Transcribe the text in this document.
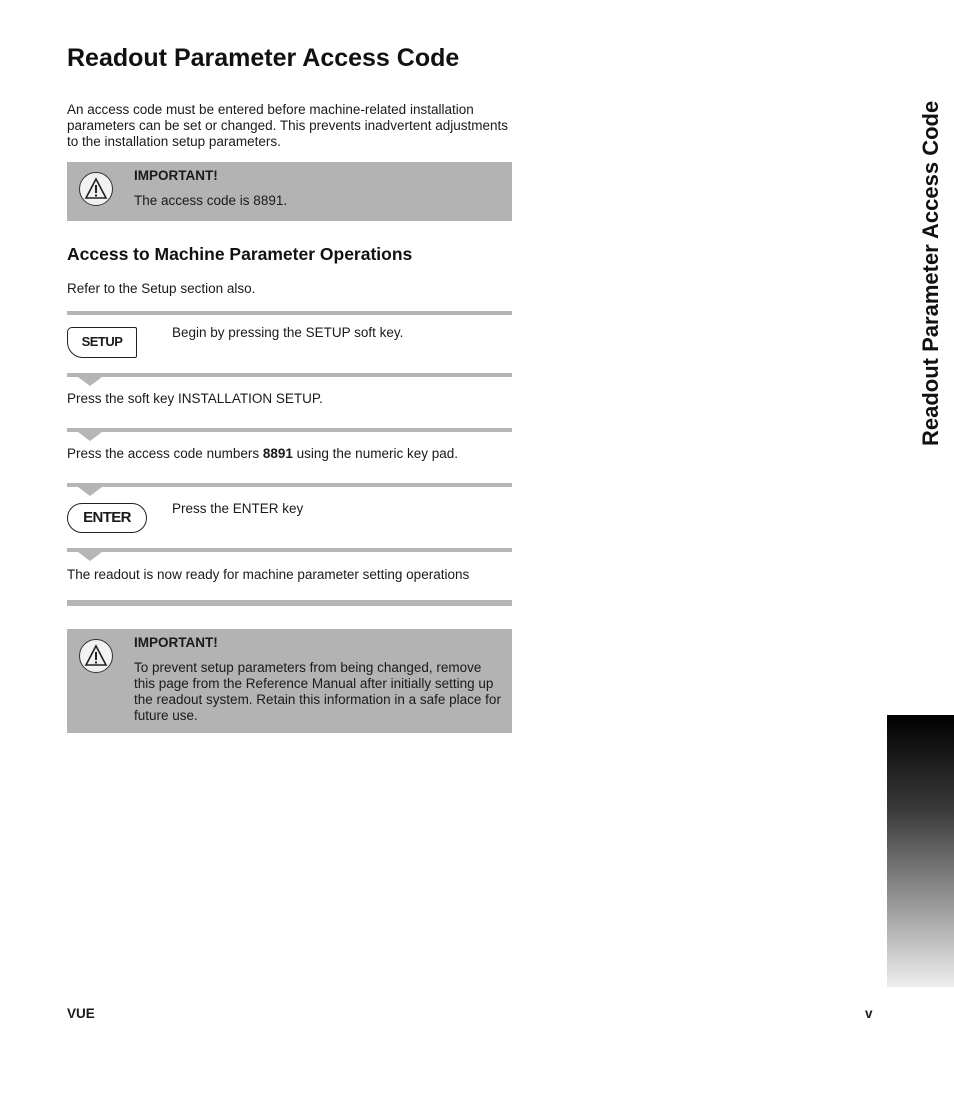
Readout Parameter Access Code

An access code must be entered before machine-related installation parameters can be set or changed. This prevents inadvertent adjustments to the installation setup parameters.

IMPORTANT!
The access code is 8891.
Access to Machine Parameter Operations
Refer to the Setup section also.
SETUP
Begin by pressing the SETUP soft key.
Press the soft key INSTALLATION SETUP.
Press the access code numbers 8891 using the numeric key pad.
ENTER
Press the ENTER key
The readout is now ready for machine parameter setting operations
IMPORTANT!
To prevent setup parameters from being changed, remove this page from the Reference Manual after initially setting up the readout system. Retain this information in a safe place for future use.
Readout Parameter Access Code
VUE	v
